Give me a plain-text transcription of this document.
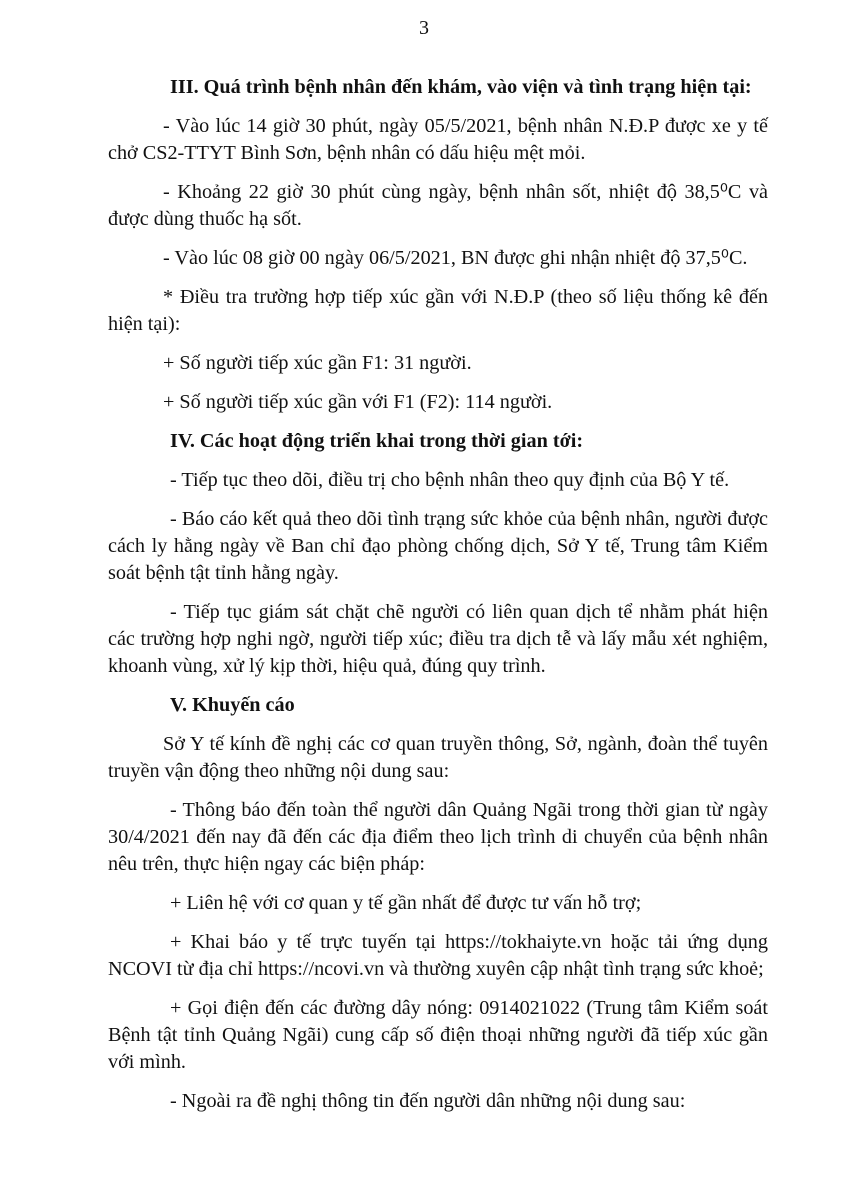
3

III. Quá trình bệnh nhân đến khám, vào viện và tình trạng hiện tại:

- Vào lúc 14 giờ 30 phút, ngày 05/5/2021, bệnh nhân N.Đ.P được xe y tế chở CS2-TTYT Bình Sơn, bệnh nhân có dấu hiệu mệt mỏi.

- Khoảng 22 giờ 30 phút cùng ngày, bệnh nhân sốt, nhiệt độ 38,5⁰C và được dùng thuốc hạ sốt.

- Vào lúc 08 giờ 00 ngày 06/5/2021, BN được ghi nhận nhiệt độ 37,5⁰C.

* Điều tra trường hợp tiếp xúc gần với N.Đ.P (theo số liệu thống kê đến hiện tại):

+ Số người tiếp xúc gần F1: 31 người.

+ Số người tiếp xúc gần với F1 (F2): 114 người.

IV. Các hoạt động triển khai trong thời gian tới:

- Tiếp tục theo dõi, điều trị cho bệnh nhân theo quy định của Bộ Y tế.

- Báo cáo kết quả theo dõi tình trạng sức khỏe của bệnh nhân, người được cách ly hằng ngày về Ban chỉ đạo phòng chống dịch, Sở Y tế, Trung tâm Kiểm soát bệnh tật tỉnh hằng ngày.

- Tiếp tục giám sát chặt chẽ người có liên quan dịch tể nhằm phát hiện các trường hợp nghi ngờ, người tiếp xúc; điều tra dịch tễ và lấy mẫu xét nghiệm, khoanh vùng, xử lý kịp thời, hiệu quả, đúng quy trình.

V. Khuyến cáo

Sở Y tế kính đề nghị các cơ quan truyền thông, Sở, ngành, đoàn thể tuyên truyền vận động theo những nội dung sau:

- Thông báo đến toàn thể người dân Quảng Ngãi trong thời gian từ ngày 30/4/2021 đến nay đã đến các địa điểm theo lịch trình di chuyển của bệnh nhân nêu trên, thực hiện ngay các biện pháp:

+ Liên hệ với cơ quan y tế gần nhất để được tư vấn hỗ trợ;

+ Khai báo y tế trực tuyến tại https://tokhaiyte.vn hoặc tải ứng dụng NCOVI từ địa chỉ https://ncovi.vn và thường xuyên cập nhật tình trạng sức khoẻ;

+ Gọi điện đến các đường dây nóng: 0914021022 (Trung tâm Kiểm soát Bệnh tật tỉnh Quảng Ngãi) cung cấp số điện thoại những người đã tiếp xúc gần với mình.

- Ngoài ra đề nghị thông tin đến người dân những nội dung sau:
